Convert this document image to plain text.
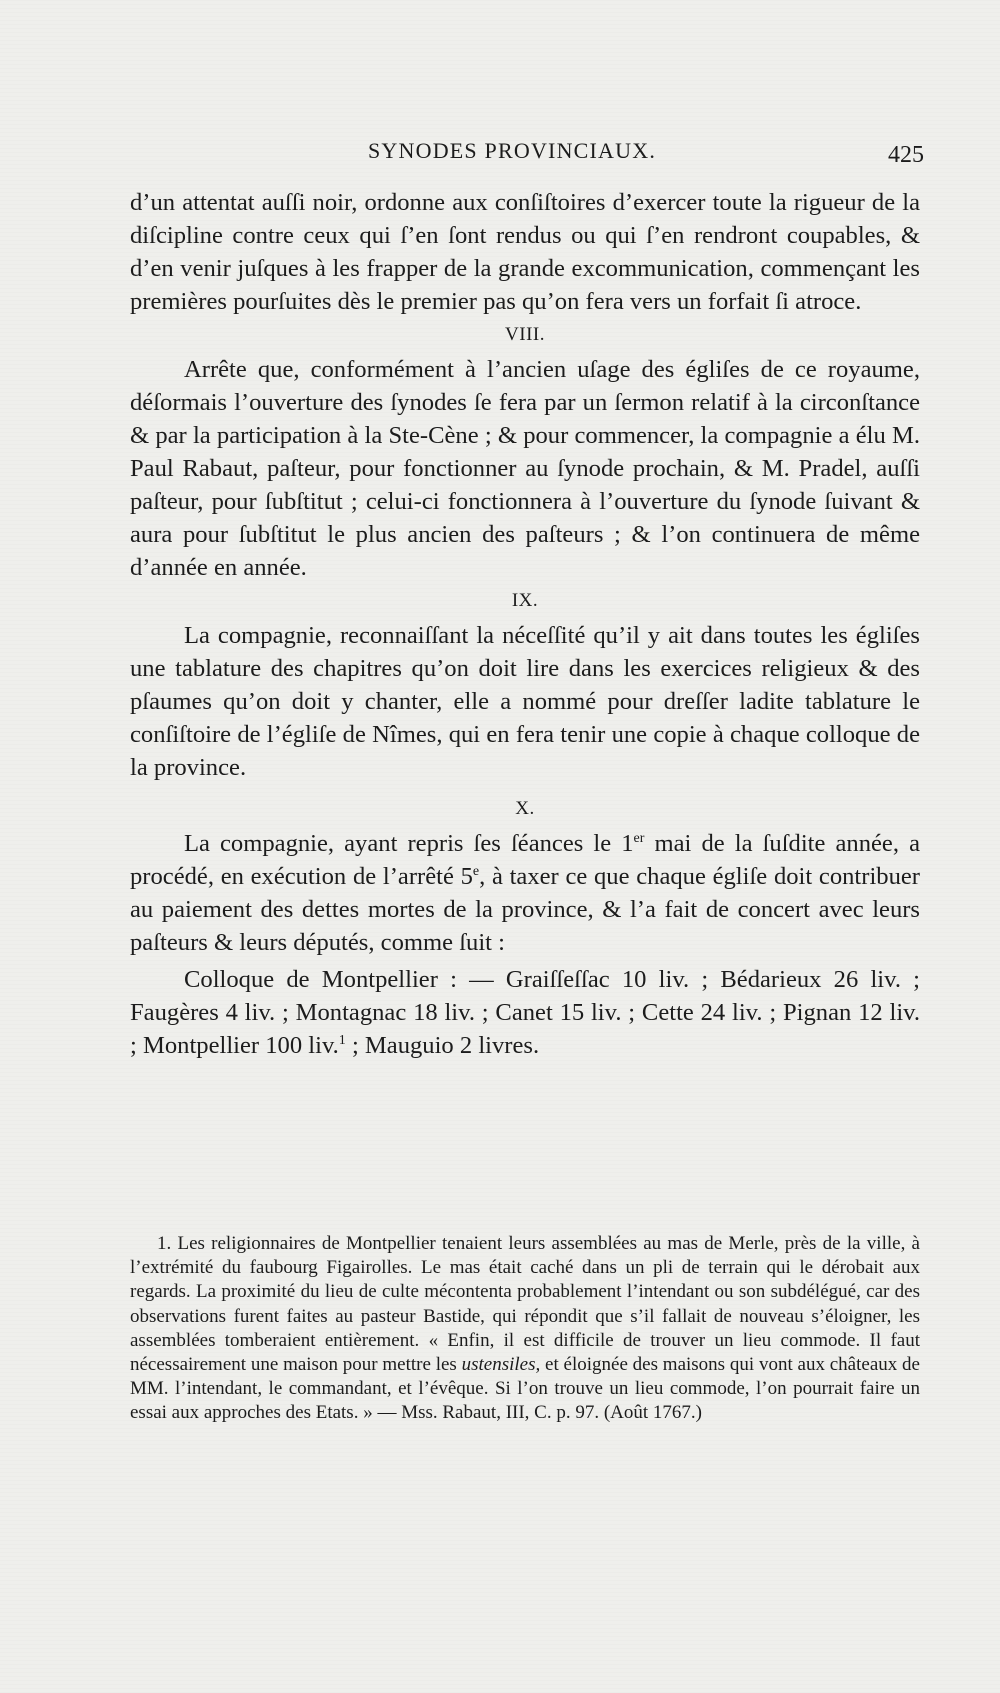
SYNODES PROVINCIAUX.	425

d’un attentat auſſi noir, ordonne aux conſiſtoires d’exercer toute la rigueur de la diſcipline contre ceux qui ſ’en ſont rendus ou qui ſ’en rendront coupables, & d’en venir juſques à les frapper de la grande excommunication, commençant les premières pourſuites dès le premier pas qu’on fera vers un forfait ſi atroce.

VIII.

Arrête que, conformément à l’ancien uſage des égliſes de ce royaume, déſormais l’ouverture des ſynodes ſe fera par un ſermon relatif à la circonſtance & par la participation à la Ste-Cène ; & pour commencer, la compagnie a élu M. Paul Rabaut, paſteur, pour fonctionner au ſynode prochain, & M. Pradel, auſſi paſteur, pour ſubſtitut ; celui-ci fonctionnera à l’ouverture du ſynode ſuivant & aura pour ſubſtitut le plus ancien des paſteurs ; & l’on continuera de même d’année en année.

IX.

La compagnie, reconnaiſſant la néceſſité qu’il y ait dans toutes les égliſes une tablature des chapitres qu’on doit lire dans les exercices religieux & des pſaumes qu’on doit y chanter, elle a nommé pour dreſſer ladite tablature le conſiſtoire de l’égliſe de Nîmes, qui en fera tenir une copie à chaque colloque de la province.

X.

La compagnie, ayant repris ſes ſéances le 1er mai de la ſuſdite année, a procédé, en exécution de l’arrêté 5e, à taxer ce que chaque égliſe doit contribuer au paiement des dettes mortes de la province, & l’a fait de concert avec leurs paſteurs & leurs députés, comme ſuit :

Colloque de Montpellier : — Graiſſeſſac 10 liv. ; Bédarieux 26 liv. ; Faugères 4 liv. ; Montagnac 18 liv. ; Canet 15 liv. ; Cette 24 liv. ; Pignan 12 liv. ; Montpellier 100 liv.$^1$ ; Mauguio 2 livres.

1. Les religionnaires de Montpellier tenaient leurs assemblées au mas de Merle, près de la ville, à l’extrémité du faubourg Figairolles. Le mas était caché dans un pli de terrain qui le dérobait aux regards. La proximité du lieu de culte mécontenta probablement l’intendant ou son subdélégué, car des observations furent faites au pasteur Bastide, qui répondit que s’il fallait de nouveau s’éloigner, les assemblées tomberaient entièrement. « Enfin, il est difficile de trouver un lieu commode. Il faut nécessairement une maison pour mettre les ustensiles, et éloignée des maisons qui vont aux châteaux de MM. l’intendant, le commandant, et l’évêque. Si l’on trouve un lieu commode, l’on pourrait faire un essai aux approches des Etats. » — Mss. Rabaut, III, C. p. 97. (Août 1767.)
